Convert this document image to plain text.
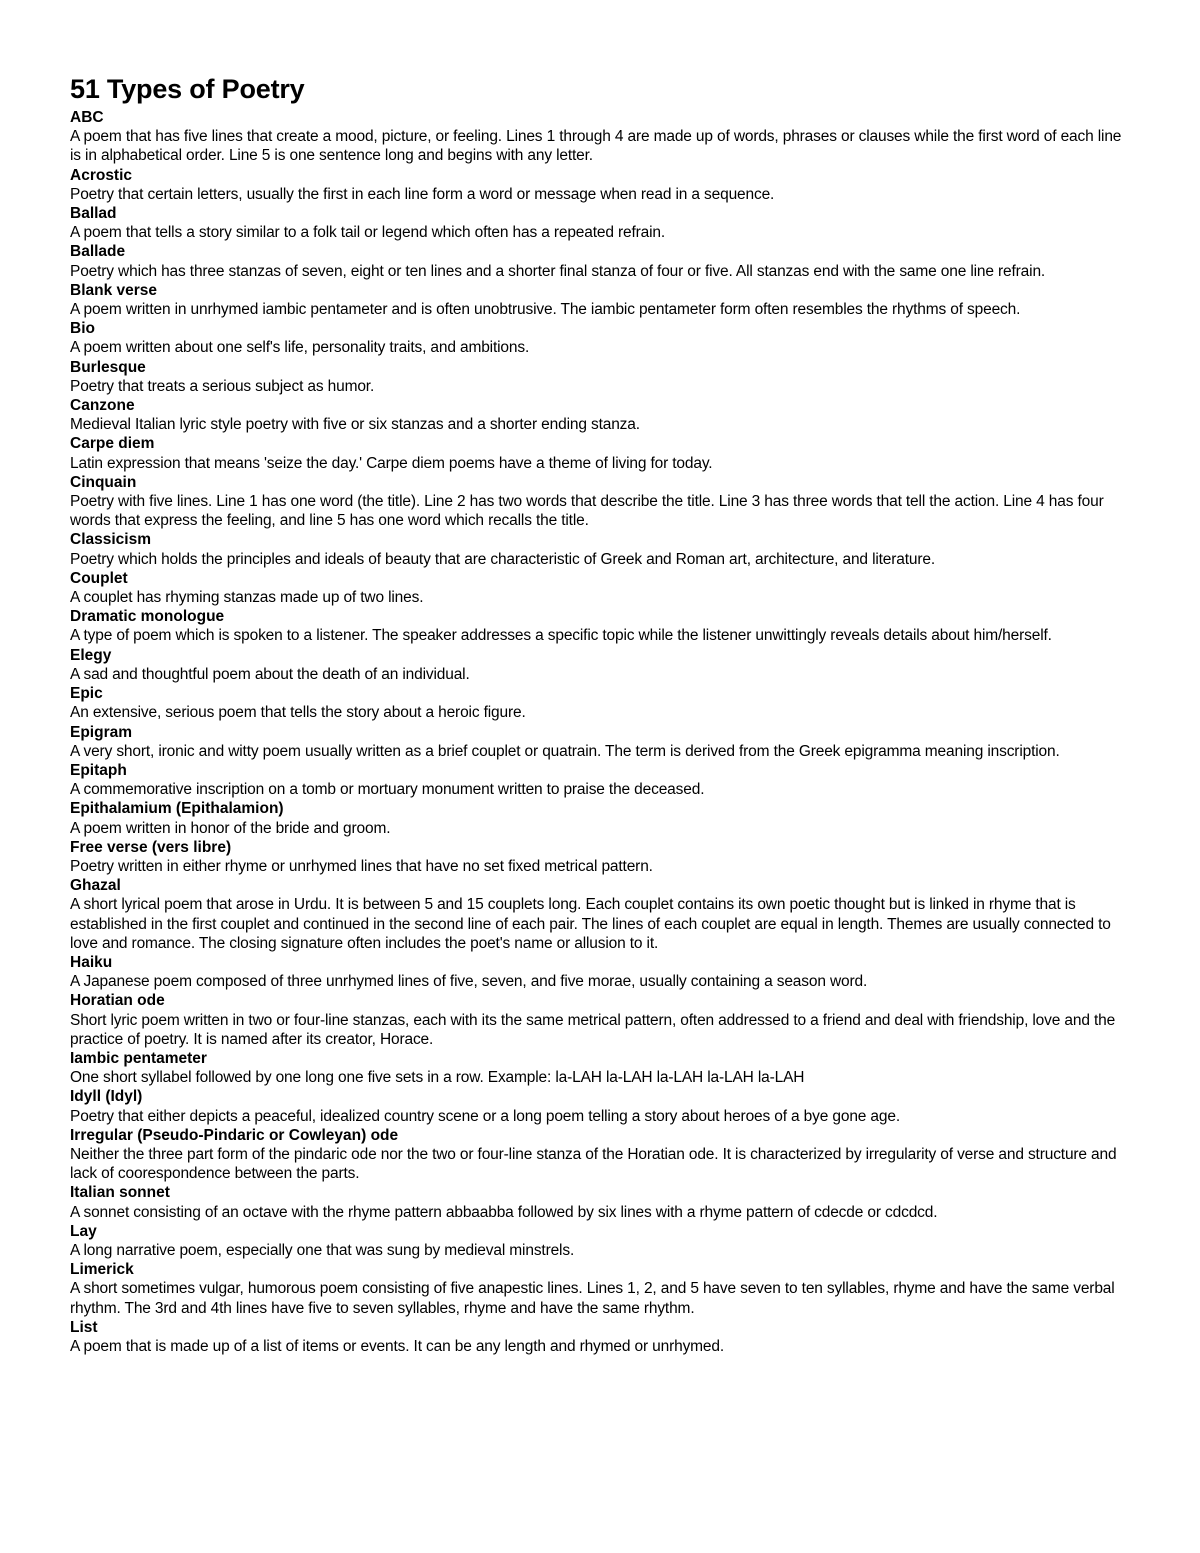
51 Types of Poetry
ABC
A poem that has five lines that create a mood, picture, or feeling. Lines 1 through 4 are made up of words, phrases or clauses while the first word of each line is in alphabetical order. Line 5 is one sentence long and begins with any letter.
Acrostic
Poetry that certain letters, usually the first in each line form a word or message when read in a sequence.
Ballad
A poem that tells a story similar to a folk tail or legend which often has a repeated refrain.
Ballade
Poetry which has three stanzas of seven, eight or ten lines and a shorter final stanza of four or five. All stanzas end with the same one line refrain.
Blank verse
A poem written in unrhymed iambic pentameter and is often unobtrusive. The iambic pentameter form often resembles the rhythms of speech.
Bio
A poem written about one self's life, personality traits, and ambitions.
Burlesque
Poetry that treats a serious subject as humor.
Canzone
Medieval Italian lyric style poetry with five or six stanzas and a shorter ending stanza.
Carpe diem
Latin expression that means 'seize the day.' Carpe diem poems have a theme of living for today.
Cinquain
Poetry with five lines. Line 1 has one word (the title). Line 2 has two words that describe the title. Line 3 has three words that tell the action. Line 4 has four words that express the feeling, and line 5 has one word which recalls the title.
Classicism
Poetry which holds the principles and ideals of beauty that are characteristic of Greek and Roman art, architecture, and literature.
Couplet
A couplet has rhyming stanzas made up of two lines.
Dramatic monologue
A type of poem which is spoken to a listener. The speaker addresses a specific topic while the listener unwittingly reveals details about him/herself.
Elegy
A sad and thoughtful poem about the death of an individual.
Epic
An extensive, serious poem that tells the story about a heroic figure.
Epigram
A very short, ironic and witty poem usually written as a brief couplet or quatrain. The term is derived from the Greek epigramma meaning inscription.
Epitaph
A commemorative inscription on a tomb or mortuary monument written to praise the deceased.
Epithalamium (Epithalamion)
A poem written in honor of the bride and groom.
Free verse (vers libre)
Poetry written in either rhyme or unrhymed lines that have no set fixed metrical pattern.
Ghazal
A short lyrical poem that arose in Urdu. It is between 5 and 15 couplets long. Each couplet contains its own poetic thought but is linked in rhyme that is established in the first couplet and continued in the second line of each pair. The lines of each couplet are equal in length. Themes are usually connected to love and romance. The closing signature often includes the poet's name or allusion to it.
Haiku
A Japanese poem composed of three unrhymed lines of five, seven, and five morae, usually containing a season word.
Horatian ode
Short lyric poem written in two or four-line stanzas, each with its the same metrical pattern, often addressed to a friend and deal with friendship, love and the practice of poetry. It is named after its creator, Horace.
Iambic pentameter
One short syllabel followed by one long one five sets in a row. Example: la-LAH la-LAH la-LAH la-LAH la-LAH
Idyll (Idyl)
Poetry that either depicts a peaceful, idealized country scene or a long poem telling a story about heroes of a bye gone age.
Irregular (Pseudo-Pindaric or Cowleyan) ode
Neither the three part form of the pindaric ode nor the two or four-line stanza of the Horatian ode. It is characterized by irregularity of verse and structure and lack of coorespondence between the parts.
Italian sonnet
A sonnet consisting of an octave with the rhyme pattern abbaabba followed by six lines with a rhyme pattern of cdecde or cdcdcd.
Lay
A long narrative poem, especially one that was sung by medieval minstrels.
Limerick
A short sometimes vulgar, humorous poem consisting of five anapestic lines. Lines 1, 2, and 5 have seven to ten syllables, rhyme and have the same verbal rhythm. The 3rd and 4th lines have five to seven syllables, rhyme and have the same rhythm.
List
A poem that is made up of a list of items or events. It can be any length and rhymed or unrhymed.
